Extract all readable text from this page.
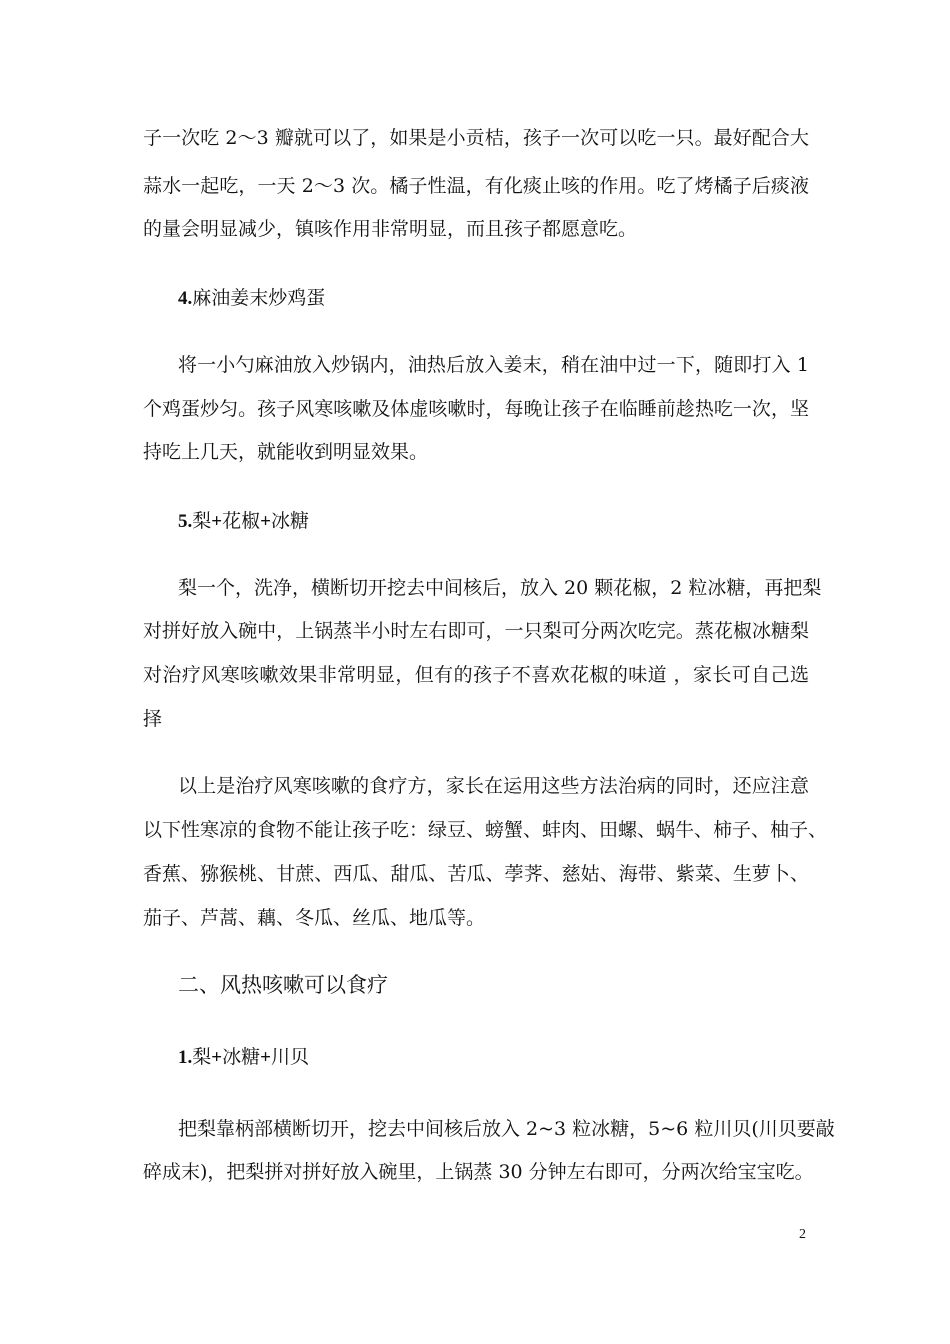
子一次吃 2～3 瓣就可以了，如果是小贡桔，孩子一次可以吃一只。最好配合大
蒜水一起吃，一天 2～3 次。橘子性温，有化痰止咳的作用。吃了烤橘子后痰液
的量会明显减少，镇咳作用非常明显，而且孩子都愿意吃。
4.麻油姜末炒鸡蛋
将一小勺麻油放入炒锅内，油热后放入姜末，稍在油中过一下，随即打入 1
个鸡蛋炒匀。孩子风寒咳嗽及体虚咳嗽时，每晚让孩子在临睡前趁热吃一次，坚
持吃上几天，就能收到明显效果。
5.梨+花椒+冰糖
梨一个，洗净，横断切开挖去中间核后，放入 20 颗花椒，2 粒冰糖，再把梨
对拼好放入碗中，上锅蒸半小时左右即可，一只梨可分两次吃完。蒸花椒冰糖梨
对治疗风寒咳嗽效果非常明显，但有的孩子不喜欢花椒的味道 ，家长可自己选
择
以上是治疗风寒咳嗽的食疗方，家长在运用这些方法治病的同时，还应注意
以下性寒凉的食物不能让孩子吃：绿豆、螃蟹、蚌肉、田螺、蜗牛、柿子、柚子、
香蕉、猕猴桃、甘蔗、西瓜、甜瓜、苦瓜、荸荠、慈姑、海带、紫菜、生萝卜、
茄子、芦蒿、藕、冬瓜、丝瓜、地瓜等。
二、风热咳嗽可以食疗
1.梨+冰糖+川贝
把梨靠柄部横断切开，挖去中间核后放入 2~3 粒冰糖，5~6 粒川贝(川贝要敲
碎成末)，把梨拼对拼好放入碗里，上锅蒸 30 分钟左右即可，分两次给宝宝吃。
2
